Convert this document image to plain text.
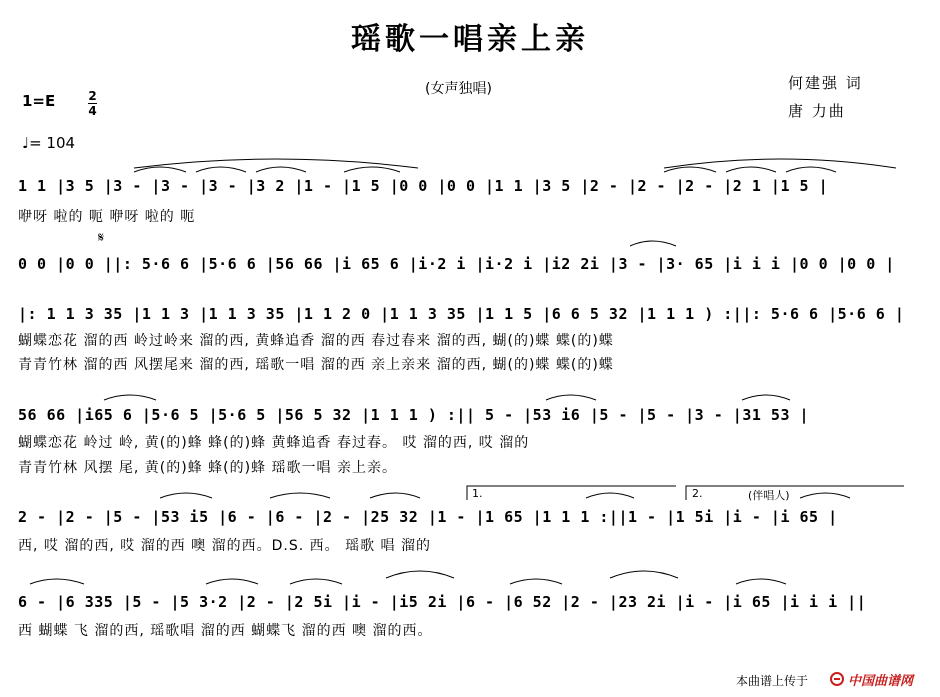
瑶歌一唱亲上亲
(女声独唱)	何建强 词
唐 力曲
1=E	2
4
♩= 104
𝄋
1 1 |3 5 |3 - |3 - |3 - |3 2 |1 - |1 5 |0 0 |0 0 |1 1 |3 5 |2 - |2 - |2 - |2 1 |1 5 |
咿呀 啦的 呃 咿呀 啦的 呃
0 0 |0 0 ||: 5·6 6 |5·6 6 |56 66 |i 65 6 |i·2 i |i·2 i |i2 2i |3 - |3· 65 |i i i |0 0 |0 0 |
|: 1 1 3 35 |1 1 3 |1 1 3 35 |1 1 2 0 |1 1 3 35 |1 1 5 |6 6 5 32 |1 1 1 ) :||: 5·6 6 |5·6 6 |
蝴蝶恋花 溜的西 岭过岭来 溜的西, 黄蜂追香 溜的西 春过春来 溜的西, 蝴(的)蝶 蝶(的)蝶
青青竹林 溜的西 风摆尾来 溜的西, 瑶歌一唱 溜的西 亲上亲来 溜的西, 蝴(的)蝶 蝶(的)蝶
56 66 |i65 6 |5·6 5 |5·6 5 |56 5 32 |1 1 1 ) :|| 5 - |53 i6 |5 - |5 - |3 - |31 53 |
蝴蝶恋花 岭过 岭, 黄(的)蜂 蜂(的)蜂 黄蜂追香 春过春。 哎 溜的西, 哎 溜的
青青竹林 风摆 尾, 黄(的)蜂 蜂(的)蜂 瑶歌一唱 亲上亲。
1.	2.	(伴唱人)
2 - |2 - |5 - |53 i5 |6 - |6 - |2 - |25 32 |1 - |1 65 |1 1 1 :||1 - |1 5i |i - |i 65 |
西, 哎 溜的西, 哎 溜的西 噢 溜的西。D.S. 西。 瑶歌 唱 溜的
6 - |6 335 |5 - |5 3·2 |2 - |2 5i |i - |i5 2i |6 - |6 52 |2 - |23 2i |i - |i 65 |i i i ||
西 蝴蝶 飞 溜的西, 瑶歌唱 溜的西 蝴蝶飞 溜的西 噢 溜的西。
本曲谱上传于	中国曲谱网
